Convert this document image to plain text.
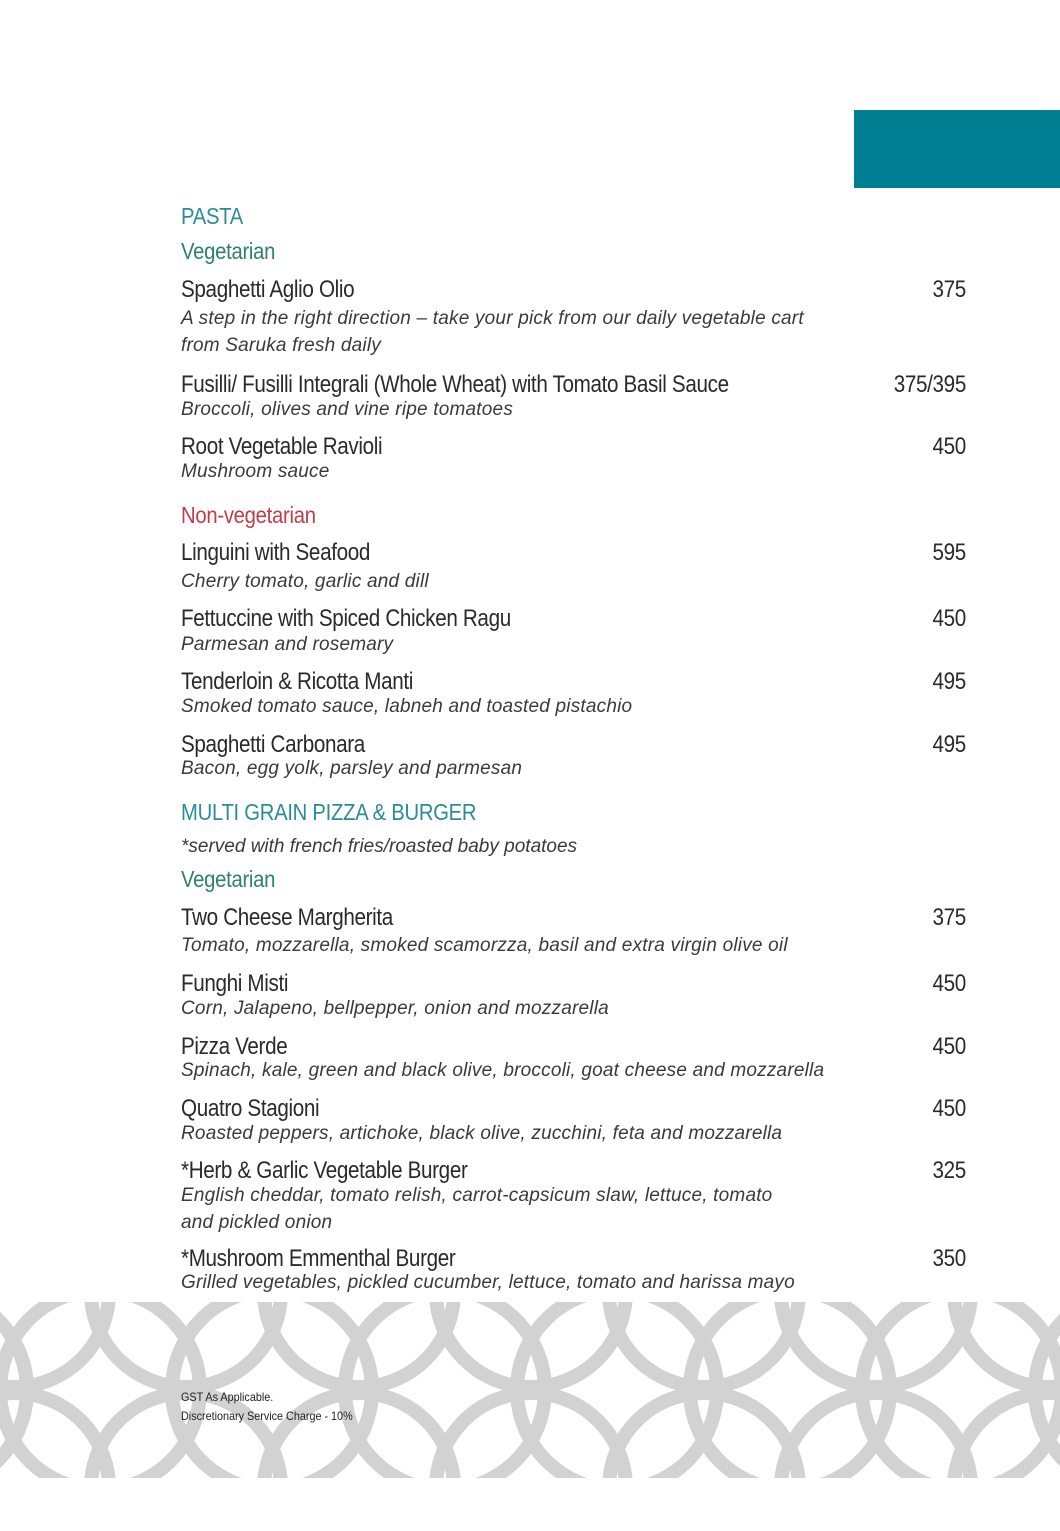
PASTA
Vegetarian
Spaghetti Aglio Olio	375
A step in the right direction – take your pick from our daily vegetable cart
from Saruka fresh daily
Fusilli/ Fusilli Integrali (Whole Wheat) with Tomato Basil Sauce	375/395
Broccoli, olives and vine ripe tomatoes
Root Vegetable Ravioli	450
Mushroom sauce
Non-vegetarian
Linguini with Seafood	595
Cherry tomato, garlic and dill
Fettuccine with Spiced Chicken Ragu	450
Parmesan and rosemary
Tenderloin & Ricotta Manti	495
Smoked tomato sauce, labneh and toasted pistachio
Spaghetti Carbonara	495
Bacon, egg yolk, parsley and parmesan
MULTI GRAIN PIZZA & BURGER
*served with french fries/roasted baby potatoes
Vegetarian
Two Cheese Margherita	375
Tomato, mozzarella, smoked scamorzza, basil and extra virgin olive oil
Funghi Misti	450
Corn, Jalapeno, bellpepper, onion and mozzarella
Pizza Verde	450
Spinach, kale, green and black olive, broccoli, goat cheese and mozzarella
Quatro Stagioni	450
Roasted peppers, artichoke, black olive, zucchini, feta and mozzarella
*Herb & Garlic Vegetable Burger	325
English cheddar, tomato relish, carrot-capsicum slaw, lettuce, tomato
and pickled onion
*Mushroom Emmenthal Burger	350
Grilled vegetables, pickled cucumber, lettuce, tomato and harissa mayo
GST As Applicable.
Discretionary Service Charge - 10%
